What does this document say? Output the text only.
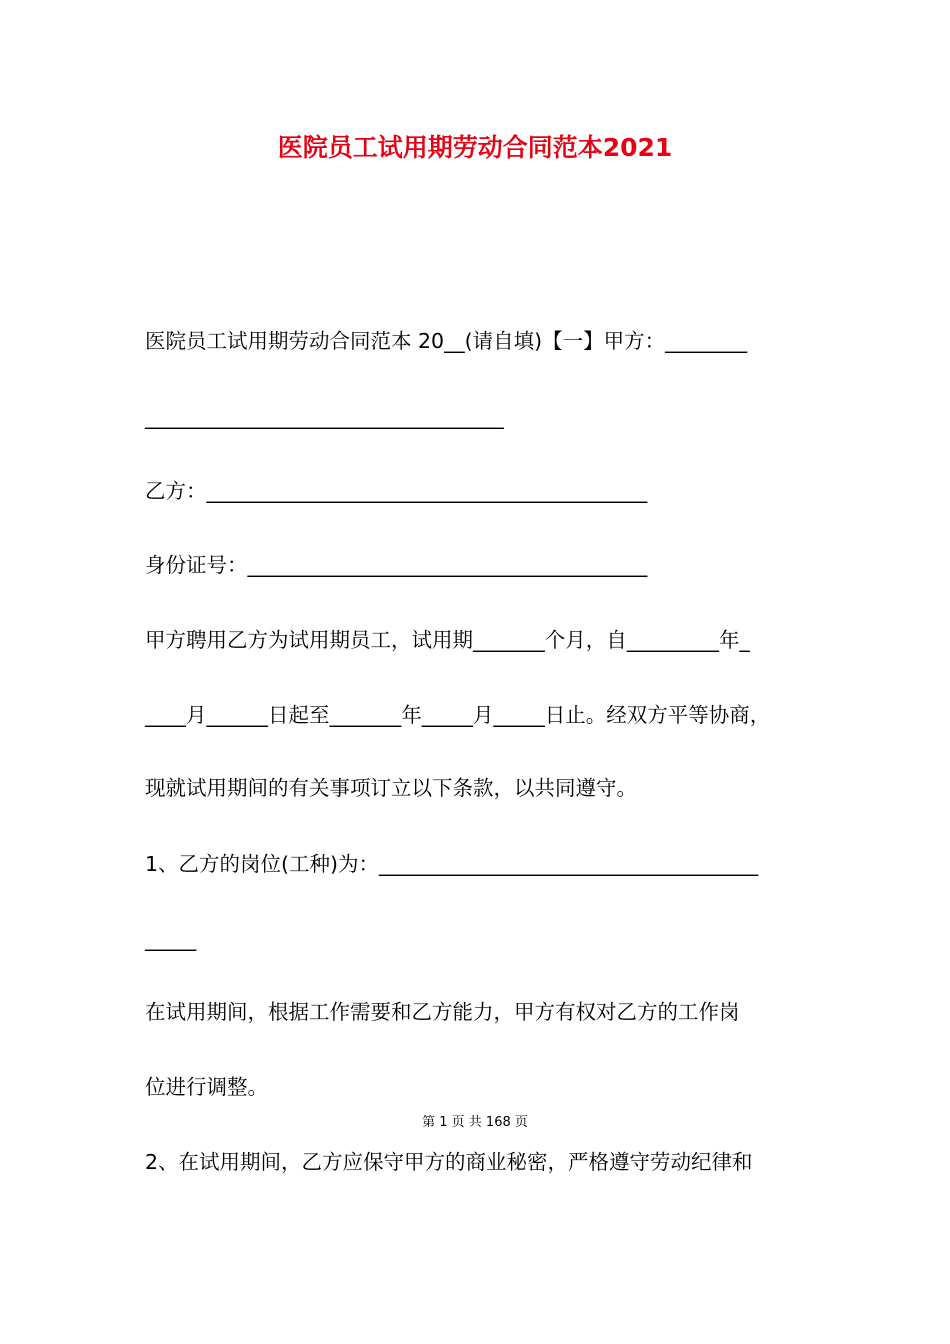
医院员工试用期劳动合同范本2021
医院员工试用期劳动合同范本 20__(请自填)【一】甲方：________
___________________________________
乙方：___________________________________________
身份证号：_______________________________________
甲方聘用乙方为试用期员工，试用期_______个月，自_________年_
____月______日起至_______年_____月_____日止。经双方平等协商，
现就试用期间的有关事项订立以下条款，以共同遵守。
1、乙方的岗位(工种)为：_____________________________________
_____
在试用期间，根据工作需要和乙方能力，甲方有权对乙方的工作岗
位进行调整。
第 1 页 共 168 页
2、在试用期间，乙方应保守甲方的商业秘密，严格遵守劳动纪律和
